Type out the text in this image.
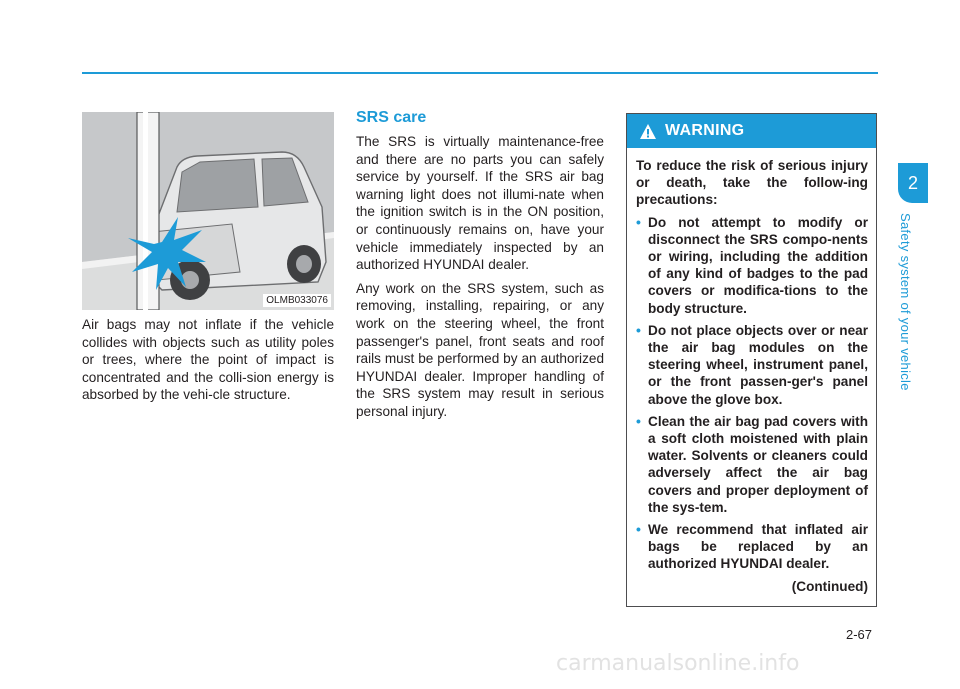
OLMB033076

Air bags may not inflate if the vehicle collides with objects such as utility poles or trees, where the point of impact is concentrated and the colli-sion energy is absorbed by the vehi-cle structure.

SRS care

The SRS is virtually maintenance-free and there are no parts you can safely service by yourself. If the SRS air bag warning light does not illumi-nate when the ignition switch is in the ON position, or continuously remains on, have your vehicle immediately inspected by an authorized HYUNDAI dealer.

Any work on the SRS system, such as removing, installing, repairing, or any work on the steering wheel, the front passenger's panel, front seats and roof rails must be performed by an authorized HYUNDAI dealer. Improper handling of the SRS system may result in serious personal injury.

WARNING

To reduce the risk of serious injury or death, take the follow-ing precautions:

• Do not attempt to modify or disconnect the SRS compo-nents or wiring, including the addition of any kind of badges to the pad covers or modifica-tions to the body structure.
• Do not place objects over or near the air bag modules on the steering wheel, instrument panel, or the front passen-ger's panel above the glove box.
• Clean the air bag pad covers with a soft cloth moistened with plain water. Solvents or cleaners could adversely affect the air bag covers and proper deployment of the sys-tem.
• We recommend that inflated air bags be replaced by an authorized HYUNDAI dealer.

(Continued)

2
Safety system of your vehicle
2-67
carmanualsonline.info
